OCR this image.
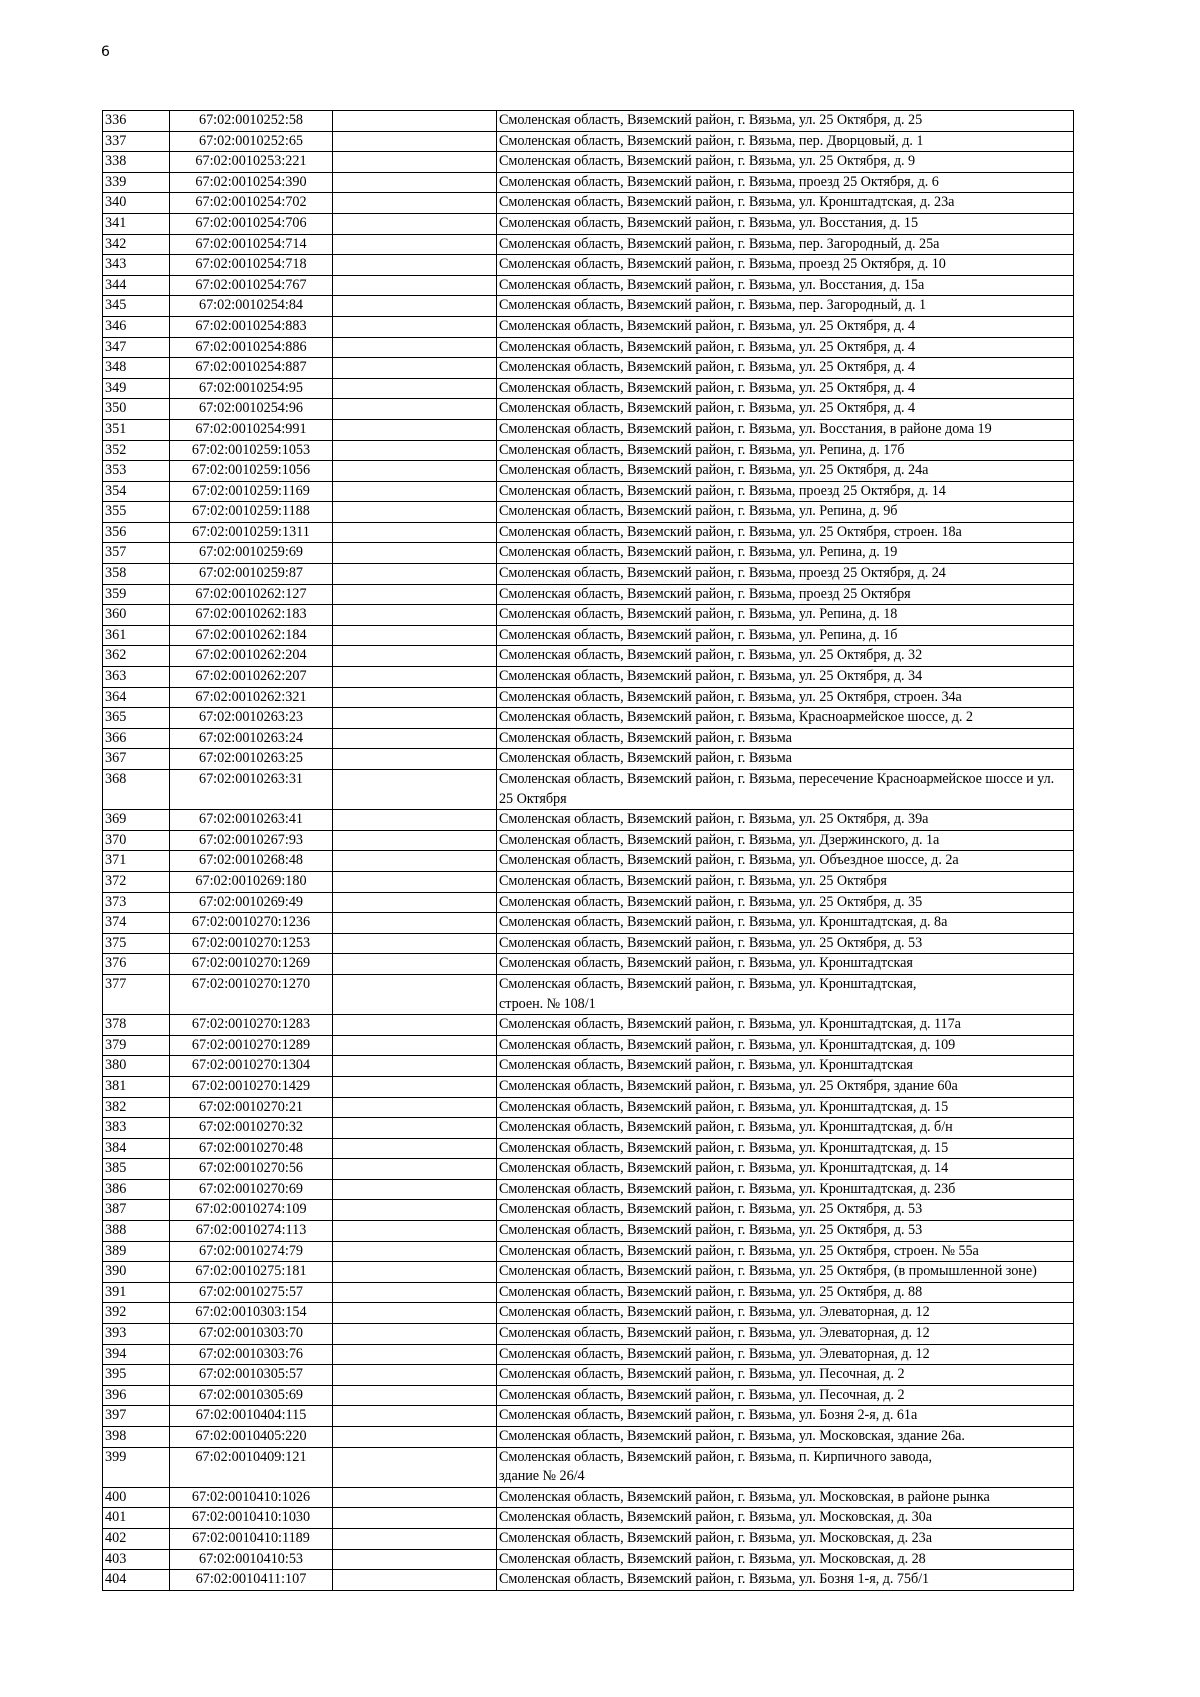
6
336	67:02:0010252:58		Смоленская область, Вяземский район, г. Вязьма, ул. 25 Октября, д. 25
337	67:02:0010252:65		Смоленская область, Вяземский район, г. Вязьма, пер. Дворцовый, д. 1
338	67:02:0010253:221		Смоленская область, Вяземский район, г. Вязьма, ул. 25 Октября, д. 9
339	67:02:0010254:390		Смоленская область, Вяземский район, г. Вязьма, проезд 25 Октября, д. 6
340	67:02:0010254:702		Смоленская область, Вяземский район, г. Вязьма, ул. Кронштадтская, д. 23а
341	67:02:0010254:706		Смоленская область, Вяземский район, г. Вязьма, ул. Восстания, д. 15
342	67:02:0010254:714		Смоленская область, Вяземский район, г. Вязьма, пер. Загородный, д. 25а
343	67:02:0010254:718		Смоленская область, Вяземский район, г. Вязьма, проезд 25 Октября, д. 10
344	67:02:0010254:767		Смоленская область, Вяземский район, г. Вязьма, ул. Восстания, д. 15а
345	67:02:0010254:84		Смоленская область, Вяземский район, г. Вязьма, пер. Загородный, д. 1
346	67:02:0010254:883		Смоленская область, Вяземский район, г. Вязьма, ул. 25 Октября, д. 4
347	67:02:0010254:886		Смоленская область, Вяземский район, г. Вязьма, ул. 25 Октября, д. 4
348	67:02:0010254:887		Смоленская область, Вяземский район, г. Вязьма, ул. 25 Октября, д. 4
349	67:02:0010254:95		Смоленская область, Вяземский район, г. Вязьма, ул. 25 Октября, д. 4
350	67:02:0010254:96		Смоленская область, Вяземский район, г. Вязьма, ул. 25 Октября, д. 4
351	67:02:0010254:991		Смоленская область, Вяземский район, г. Вязьма, ул. Восстания, в районе дома 19
352	67:02:0010259:1053		Смоленская область, Вяземский район, г. Вязьма, ул. Репина, д. 17б
353	67:02:0010259:1056		Смоленская область, Вяземский район, г. Вязьма, ул. 25 Октября, д. 24а
354	67:02:0010259:1169		Смоленская область, Вяземский район, г. Вязьма, проезд 25 Октября, д. 14
355	67:02:0010259:1188		Смоленская область, Вяземский район, г. Вязьма, ул. Репина, д. 9б
356	67:02:0010259:1311		Смоленская область, Вяземский район, г. Вязьма, ул. 25 Октября, строен. 18а
357	67:02:0010259:69		Смоленская область, Вяземский район, г. Вязьма, ул. Репина, д. 19
358	67:02:0010259:87		Смоленская область, Вяземский район, г. Вязьма, проезд 25 Октября, д. 24
359	67:02:0010262:127		Смоленская область, Вяземский район, г. Вязьма, проезд 25 Октября
360	67:02:0010262:183		Смоленская область, Вяземский район, г. Вязьма, ул. Репина, д. 18
361	67:02:0010262:184		Смоленская область, Вяземский район, г. Вязьма, ул. Репина, д. 1б
362	67:02:0010262:204		Смоленская область, Вяземский район, г. Вязьма, ул. 25 Октября, д. 32
363	67:02:0010262:207		Смоленская область, Вяземский район, г. Вязьма, ул. 25 Октября, д. 34
364	67:02:0010262:321		Смоленская область, Вяземский район, г. Вязьма, ул. 25 Октября, строен. 34а
365	67:02:0010263:23		Смоленская область, Вяземский район, г. Вязьма, Красноармейское шоссе, д. 2
366	67:02:0010263:24		Смоленская область, Вяземский район, г. Вязьма
367	67:02:0010263:25		Смоленская область, Вяземский район, г. Вязьма
368	67:02:0010263:31		Смоленская область, Вяземский район, г. Вязьма, пересечение Красноармейское шоссе и ул. 25 Октября
369	67:02:0010263:41		Смоленская область, Вяземский район, г. Вязьма, ул. 25 Октября, д. 39а
370	67:02:0010267:93		Смоленская область, Вяземский район, г. Вязьма, ул. Дзержинского, д. 1а
371	67:02:0010268:48		Смоленская область, Вяземский район, г. Вязьма, ул. Объездное шоссе, д. 2а
372	67:02:0010269:180		Смоленская область, Вяземский район, г. Вязьма, ул. 25 Октября
373	67:02:0010269:49		Смоленская область, Вяземский район, г. Вязьма, ул. 25 Октября, д. 35
374	67:02:0010270:1236		Смоленская область, Вяземский район, г. Вязьма, ул. Кронштадтская, д. 8а
375	67:02:0010270:1253		Смоленская область, Вяземский район, г. Вязьма, ул. 25 Октября, д. 53
376	67:02:0010270:1269		Смоленская область, Вяземский район, г. Вязьма, ул. Кронштадтская
377	67:02:0010270:1270		Смоленская область, Вяземский район, г. Вязьма, ул. Кронштадтская,
строен. № 108/1
378	67:02:0010270:1283		Смоленская область, Вяземский район, г. Вязьма, ул. Кронштадтская, д. 117а
379	67:02:0010270:1289		Смоленская область, Вяземский район, г. Вязьма, ул. Кронштадтская, д. 109
380	67:02:0010270:1304		Смоленская область, Вяземский район, г. Вязьма, ул. Кронштадтская
381	67:02:0010270:1429		Смоленская область, Вяземский район, г. Вязьма, ул. 25 Октября, здание 60а
382	67:02:0010270:21		Смоленская область, Вяземский район, г. Вязьма, ул. Кронштадтская, д. 15
383	67:02:0010270:32		Смоленская область, Вяземский район, г. Вязьма, ул. Кронштадтская, д. б/н
384	67:02:0010270:48		Смоленская область, Вяземский район, г. Вязьма, ул. Кронштадтская, д. 15
385	67:02:0010270:56		Смоленская область, Вяземский район, г. Вязьма, ул. Кронштадтская, д. 14
386	67:02:0010270:69		Смоленская область, Вяземский район, г. Вязьма, ул. Кронштадтская, д. 23б
387	67:02:0010274:109		Смоленская область, Вяземский район, г. Вязьма, ул. 25 Октября, д. 53
388	67:02:0010274:113		Смоленская область, Вяземский район, г. Вязьма, ул. 25 Октября, д. 53
389	67:02:0010274:79		Смоленская область, Вяземский район, г. Вязьма, ул. 25 Октября, строен. № 55а
390	67:02:0010275:181		Смоленская область, Вяземский район, г. Вязьма, ул. 25 Октября, (в промышленной зоне)
391	67:02:0010275:57		Смоленская область, Вяземский район, г. Вязьма, ул. 25 Октября, д. 88
392	67:02:0010303:154		Смоленская область, Вяземский район, г. Вязьма, ул. Элеваторная, д. 12
393	67:02:0010303:70		Смоленская область, Вяземский район, г. Вязьма, ул. Элеваторная, д. 12
394	67:02:0010303:76		Смоленская область, Вяземский район, г. Вязьма, ул. Элеваторная, д. 12
395	67:02:0010305:57		Смоленская область, Вяземский район, г. Вязьма, ул. Песочная, д. 2
396	67:02:0010305:69		Смоленская область, Вяземский район, г. Вязьма, ул. Песочная, д. 2
397	67:02:0010404:115		Смоленская область, Вяземский район, г. Вязьма, ул. Бозня 2-я, д. 61а
398	67:02:0010405:220		Смоленская область, Вяземский район, г. Вязьма, ул. Московская, здание 26а.
399	67:02:0010409:121		Смоленская область, Вяземский район, г. Вязьма, п. Кирпичного завода,
здание № 26/4
400	67:02:0010410:1026		Смоленская область, Вяземский район, г. Вязьма, ул. Московская, в районе рынка
401	67:02:0010410:1030		Смоленская область, Вяземский район, г. Вязьма, ул. Московская, д. 30а
402	67:02:0010410:1189		Смоленская область, Вяземский район, г. Вязьма, ул. Московская, д. 23а
403	67:02:0010410:53		Смоленская область, Вяземский район, г. Вязьма, ул. Московская, д. 28
404	67:02:0010411:107		Смоленская область, Вяземский район, г. Вязьма, ул. Бозня 1-я, д. 75б/1
